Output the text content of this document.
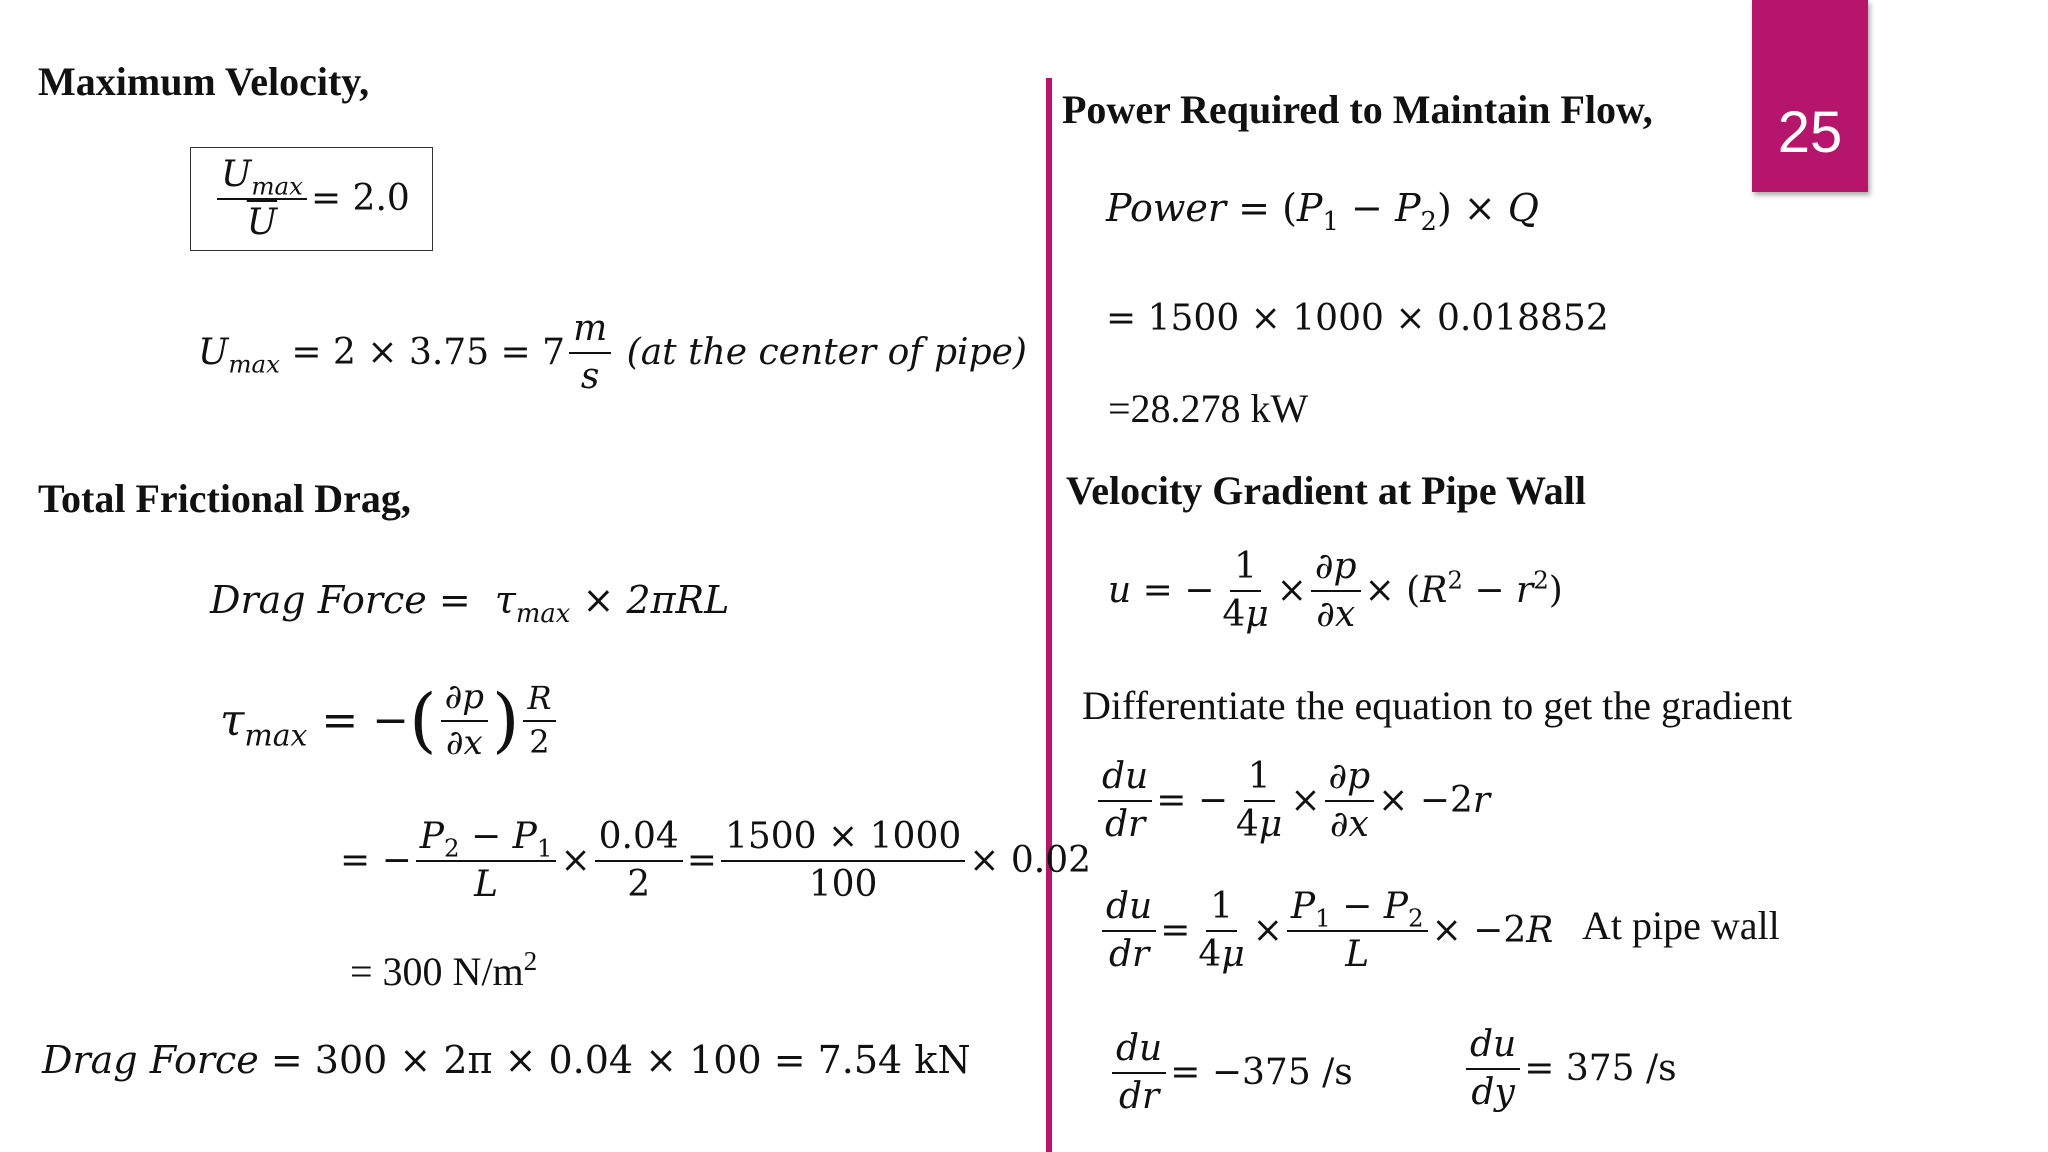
25
Maximum Velocity,
$\frac{U_{max}}{U} = 2.0$
$U_{max} = 2 \times 3.75 = 7 \frac{m}{s}$
(at the center of pipe)
Total Frictional Drag,
Drag Force = $\tau_{max} \times 2\pi RL$
$\tau_{max}$ = − ( $\frac{\partial p}{\partial x}$ ) $\frac{R}{2}$
= − $\frac{P_2 - P_1}{L} \times \frac{0.04}{2} = \frac{1500 \times 1000}{100} \times 0.02$
= 300 $N/m^2$
Drag Force
= 300 × 2π × 0.04 × 100 = 7.54 kN
Power Required to Maintain Flow,
Power = $(P_1 - P_2) \times Q$
= 1500 × 1000 × 0.018852
=28.278 kW
Velocity Gradient at Pipe Wall
u = − $\frac{1}{4\mu} \times \frac{\partial p}{\partial x} \times (R^2 - r^2)$
Differentiate the equation to get the gradient
$\frac{du}{dr}$ = − $\frac{1}{4\mu} \times \frac{\partial p}{\partial x} \times -2r$
$\frac{du}{dr} = \frac{1}{4\mu} \times \frac{P_1 - P_2}{L} \times -2R$ At pipe wall
$\frac{du}{dr} = -375$ /s	$\frac{du}{dy} = 375$ /s
